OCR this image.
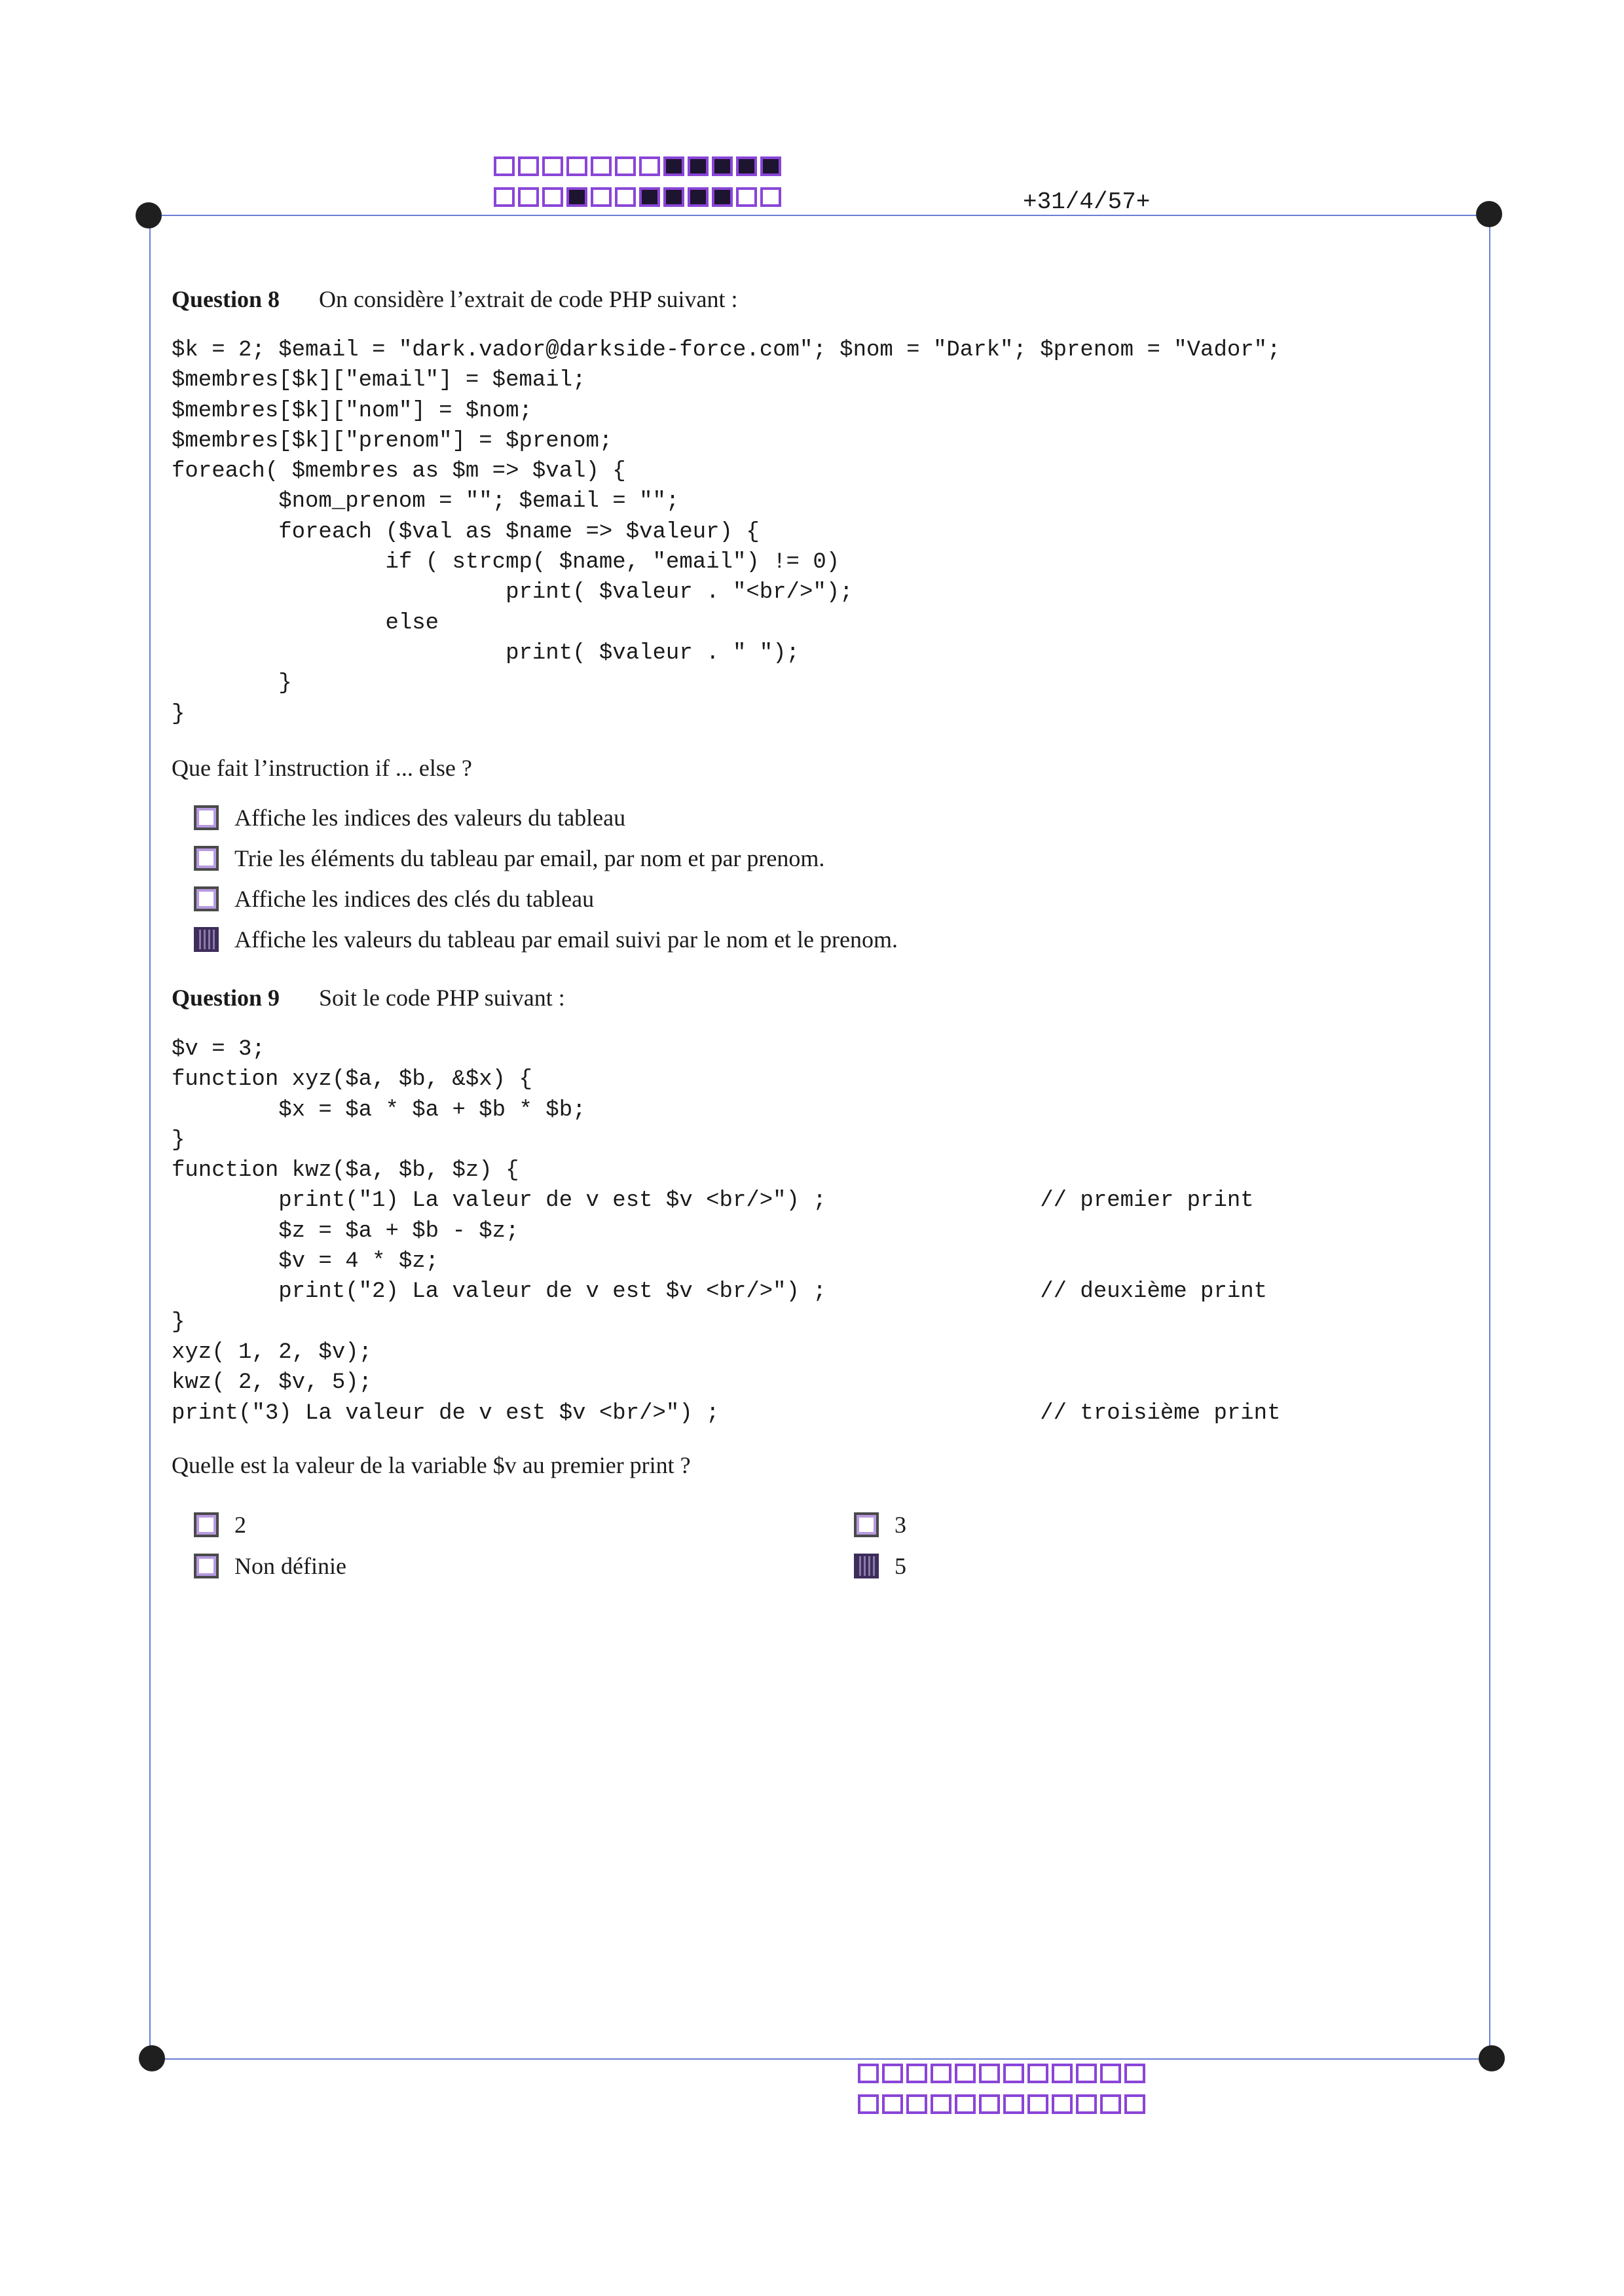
+31/4/57+
Question 8 On considère l’extrait de code PHP suivant :
$k = 2; $email = "dark.vador@darkside-force.com"; $nom = "Dark"; $prenom = "Vador";
$membres[$k]["email"] = $email;
$membres[$k]["nom"] = $nom;
$membres[$k]["prenom"] = $prenom;
foreach( $membres as $m => $val) {
$nom_prenom = ""; $email = "";
foreach ($val as $name => $valeur) {
if ( strcmp( $name, "email") != 0)
print( $valeur . "<br/>");
else
print( $valeur . " ");
}
}
Que fait l’instruction if ... else ?
Affiche les indices des valeurs du tableau
Trie les éléments du tableau par email, par nom et par prenom.
Affiche les indices des clés du tableau
Affiche les valeurs du tableau par email suivi par le nom et le prenom.
Question 9 Soit le code PHP suivant :
$v = 3;
function xyz($a, $b, &$x) {
$x = $a * $a + $b * $b;
}
function kwz($a, $b, $z) {
print("1) La valeur de v est $v <br/>") ;                // premier print
$z = $a + $b - $z;
$v = 4 * $z;
print("2) La valeur de v est $v <br/>") ;                // deuxième print
}
xyz( 1, 2, $v);
kwz( 2, $v, 5);
print("3) La valeur de v est $v <br/>") ;                        // troisième print
Quelle est la valeur de la variable $v au premier print ?
2	3
Non définie	5
